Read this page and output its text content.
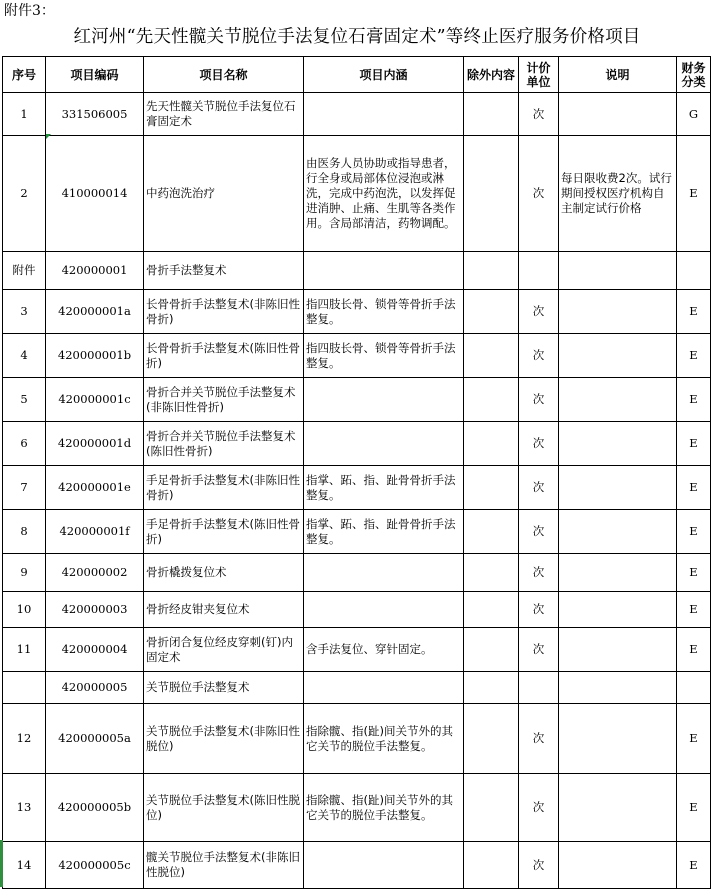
附件3：
红河州“先天性髋关节脱位手法复位石膏固定术”等终止医疗服务价格项目
序号	项目编码	项目名称	项目内涵	除外内容	计价单位	说明	财务分类
1	331506005	先天性髋关节脱位手法复位石膏固定术			次		G
2	410000014	中药泡洗治疗	由医务人员协助或指导患者，行全身或局部体位浸泡或淋洗，完成中药泡洗，以发挥促进消肿、止痛、生肌等各类作用。含局部清洁，药物调配。		次	每日限收费2次。试行期间授权医疗机构自主制定试行价格	E
附件	420000001	骨折手法整复术					
3	420000001a	长骨骨折手法整复术(非陈旧性骨折)	指四肢长骨、锁骨等骨折手法整复。		次		E
4	420000001b	长骨骨折手法整复术(陈旧性骨折)	指四肢长骨、锁骨等骨折手法整复。		次		E
5	420000001c	骨折合并关节脱位手法整复术(非陈旧性骨折)			次		E
6	420000001d	骨折合并关节脱位手法整复术(陈旧性骨折)			次		E
7	420000001e	手足骨折手法整复术(非陈旧性骨折)	指掌、跖、指、趾骨骨折手法整复。		次		E
8	420000001f	手足骨折手法整复术(陈旧性骨折)	指掌、跖、指、趾骨骨折手法整复。		次		E
9	420000002	骨折橇拨复位术			次		E
10	420000003	骨折经皮钳夹复位术			次		E
11	420000004	骨折闭合复位经皮穿刺(钉)内固定术	含手法复位、穿针固定。		次		E
	420000005	关节脱位手法整复术					
12	420000005a	关节脱位手法整复术(非陈旧性脱位)	指除髋、指(趾)间关节外的其它关节的脱位手法整复。		次		E
13	420000005b	关节脱位手法整复术(陈旧性脱位)	指除髋、指(趾)间关节外的其它关节的脱位手法整复。		次		E
14	420000005c	髋关节脱位手法整复术(非陈旧性脱位)			次		E
